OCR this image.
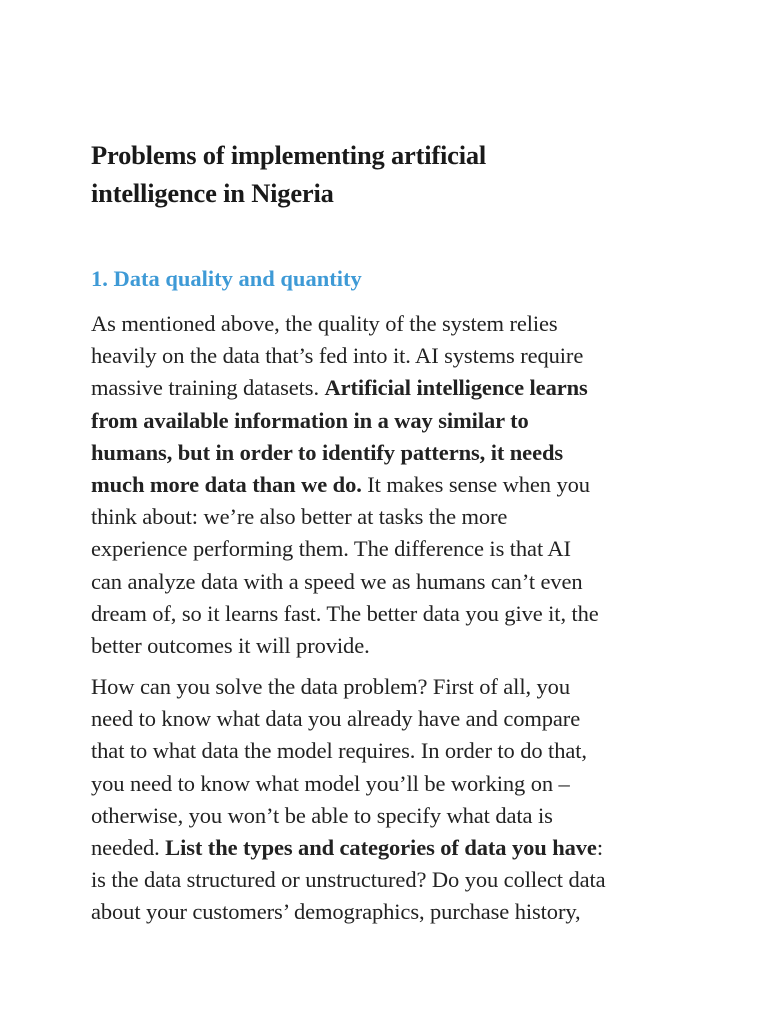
Problems of implementing artificial
intelligence in Nigeria
1. Data quality and quantity

As mentioned above, the quality of the system relies
heavily on the data that’s fed into it. AI systems require
massive training datasets. Artificial intelligence learns
from available information in a way similar to
humans, but in order to identify patterns, it needs
much more data than we do. It makes sense when you
think about: we’re also better at tasks the more
experience performing them. The difference is that AI
can analyze data with a speed we as humans can’t even
dream of, so it learns fast. The better data you give it, the
better outcomes it will provide.

How can you solve the data problem? First of all, you
need to know what data you already have and compare
that to what data the model requires. In order to do that,
you need to know what model you’ll be working on –
otherwise, you won’t be able to specify what data is
needed. List the types and categories of data you have:
is the data structured or unstructured? Do you collect data
about your customers’ demographics, purchase history,
